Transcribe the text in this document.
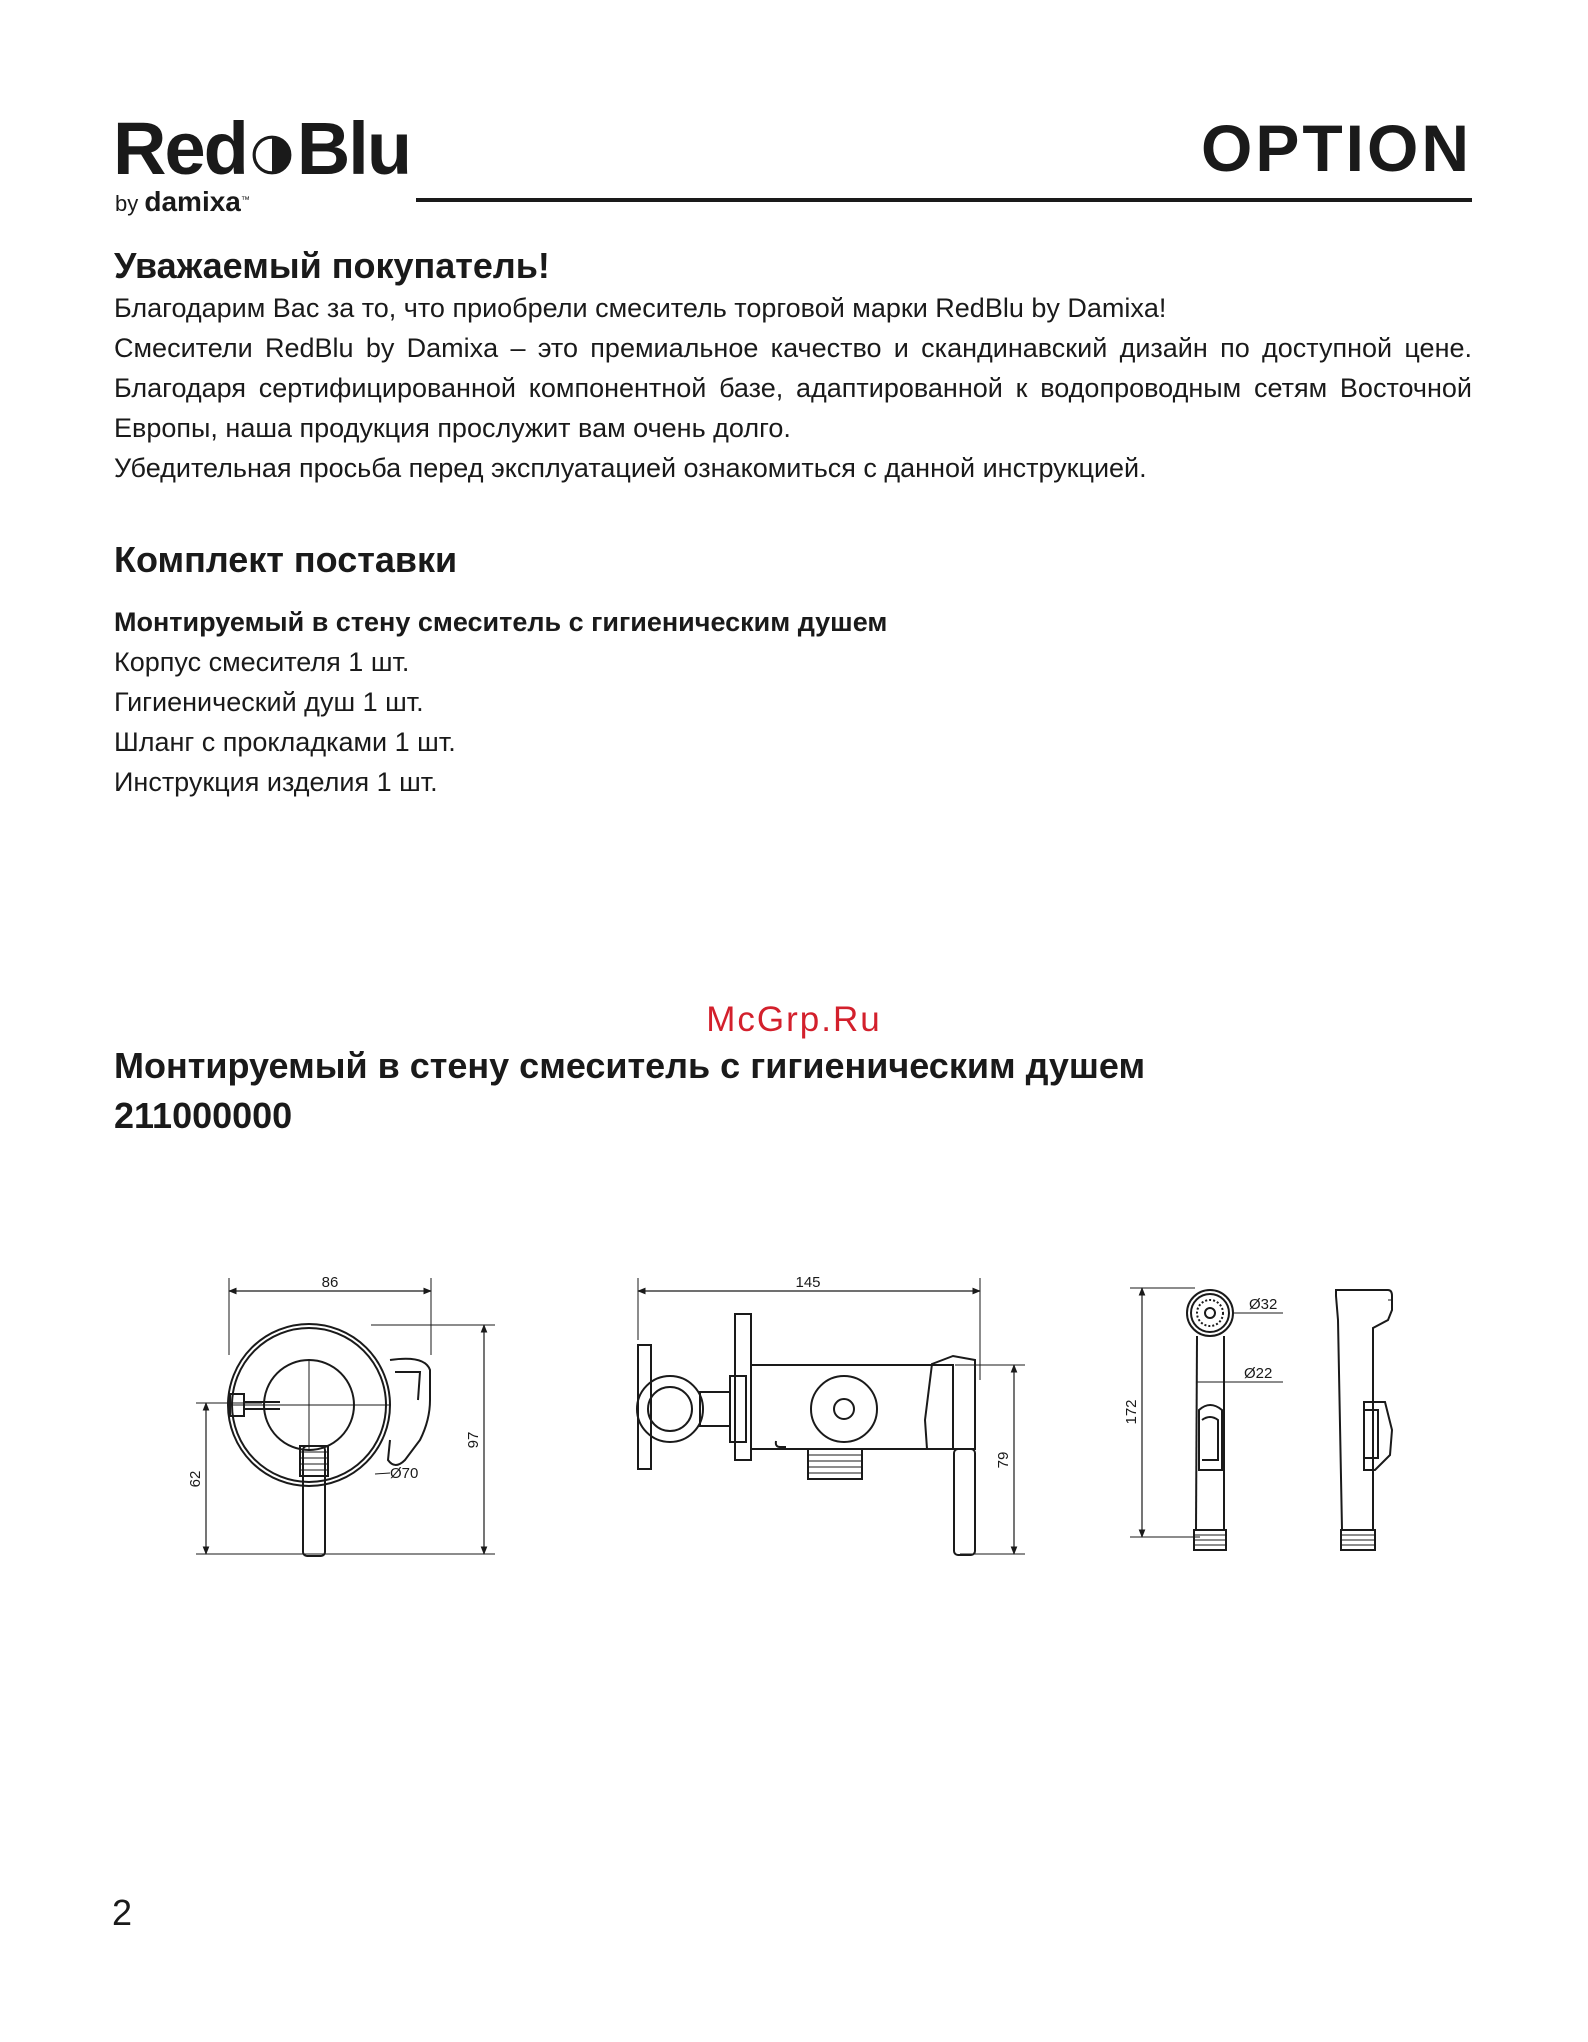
Red Blu
by damixa™
OPTION
Уважаемый покупатель!

Благодарим Вас за то, что приобрели смеситель торговой марки RedBlu by Damixa!

Смесители RedBlu by Damixa – это премиальное качество и скандинавский дизайн по доступной цене. Благодаря сертифицированной компонентной базе, адаптированной к водопроводным сетям Восточной Европы, наша продукция прослужит вам очень долго.

Убедительная просьба перед эксплуатацией ознакомиться с данной инструкцией.

Комплект поставки

Монтируемый в стену смеситель с гигиеническим душем

Корпус смесителя 1 шт.

Гигиенический душ 1 шт.

Шланг с прокладками 1 шт.

Инструкция изделия 1 шт.

McGrp.Ru
Монтируемый в стену смеситель с гигиеническим душем
211000000
86
97
62	Ø70
145
79
172
Ø32
Ø22
2
